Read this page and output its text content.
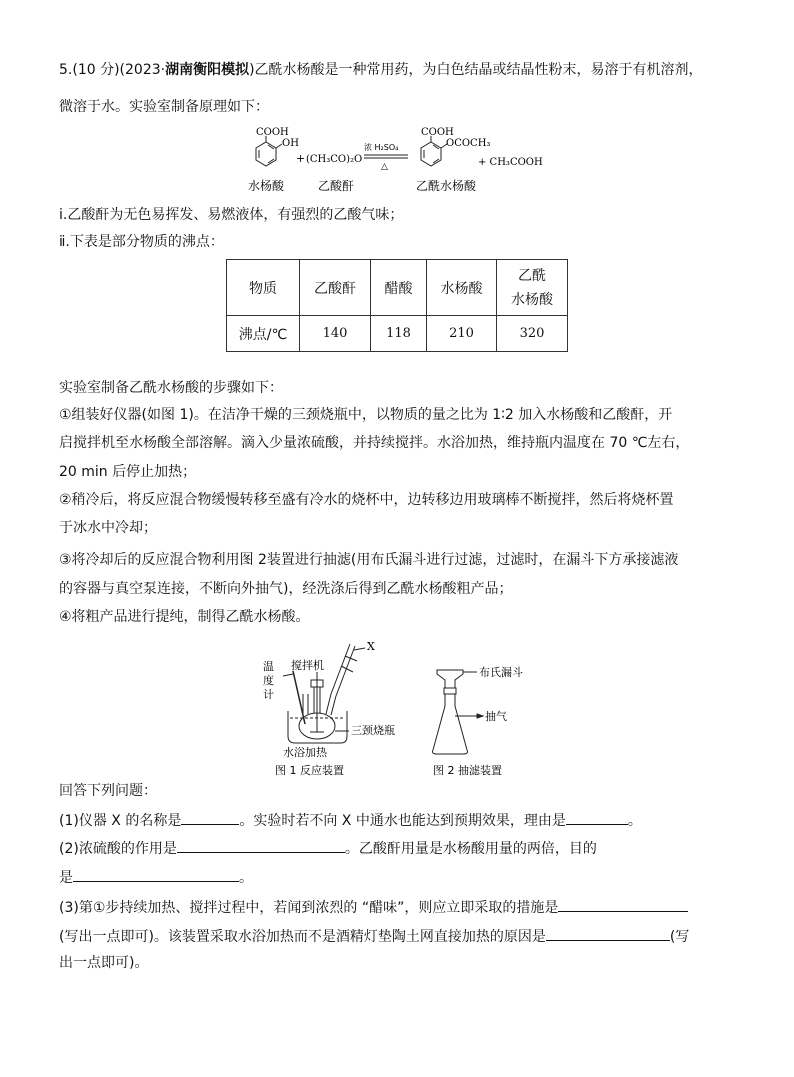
5.(10 分)(2023·湖南衡阳模拟)乙酰水杨酸是一种常用药，为白色结晶或结晶性粉末，易溶于有机溶剂，
微溶于水。实验室制备原理如下：
COOH
OH
+ (CH₃CO)₂O
浓 H₂SO₄
△
COOH
OCOCH₃
+ CH₃COOH
水杨酸	乙酸酐	乙酰水杨酸
ⅰ.乙酸酐为无色易挥发、易燃液体，有强烈的乙酸气味；
ⅱ.下表是部分物质的沸点：
物质	乙酸酐	醋酸	水杨酸	乙酰
水杨酸
沸点/℃	140	118	210	320
实验室制备乙酰水杨酸的步骤如下：
①组装好仪器(如图 1)。在洁净干燥的三颈烧瓶中，以物质的量之比为 1∶2 加入水杨酸和乙酸酐，开
启搅拌机至水杨酸全部溶解。滴入少量浓硫酸，并持续搅拌。水浴加热，维持瓶内温度在 70 ℃左右，
20 min 后停止加热；
②稍冷后，将反应混合物缓慢转移至盛有冷水的烧杯中，边转移边用玻璃棒不断搅拌，然后将烧杯置
于冰水中冷却；
③将冷却后的反应混合物利用图 2装置进行抽滤(用布氏漏斗进行过滤，过滤时，在漏斗下方承接滤液
的容器与真空泵连接，不断向外抽气)，经洗涤后得到乙酰水杨酸粗产品；
④将粗产品进行提纯，制得乙酰水杨酸。
温
度
计
搅拌机
X
三颈烧瓶
水浴加热
图 1 反应装置
布氏漏斗
抽气
图 2 抽滤装置
回答下列问题：
(1)仪器 X 的名称是	。实验时若不向 X 中通水也能达到预期效果，理由是	。
(2)浓硫酸的作用是	。乙酸酐用量是水杨酸用量的两倍，目的
是	。
(3)第①步持续加热、搅拌过程中，若闻到浓烈的 “醋味”，则应立即采取的措施是
(写出一点即可)。该装置采取水浴加热而不是酒精灯垫陶土网直接加热的原因是	(写
出一点即可)。
